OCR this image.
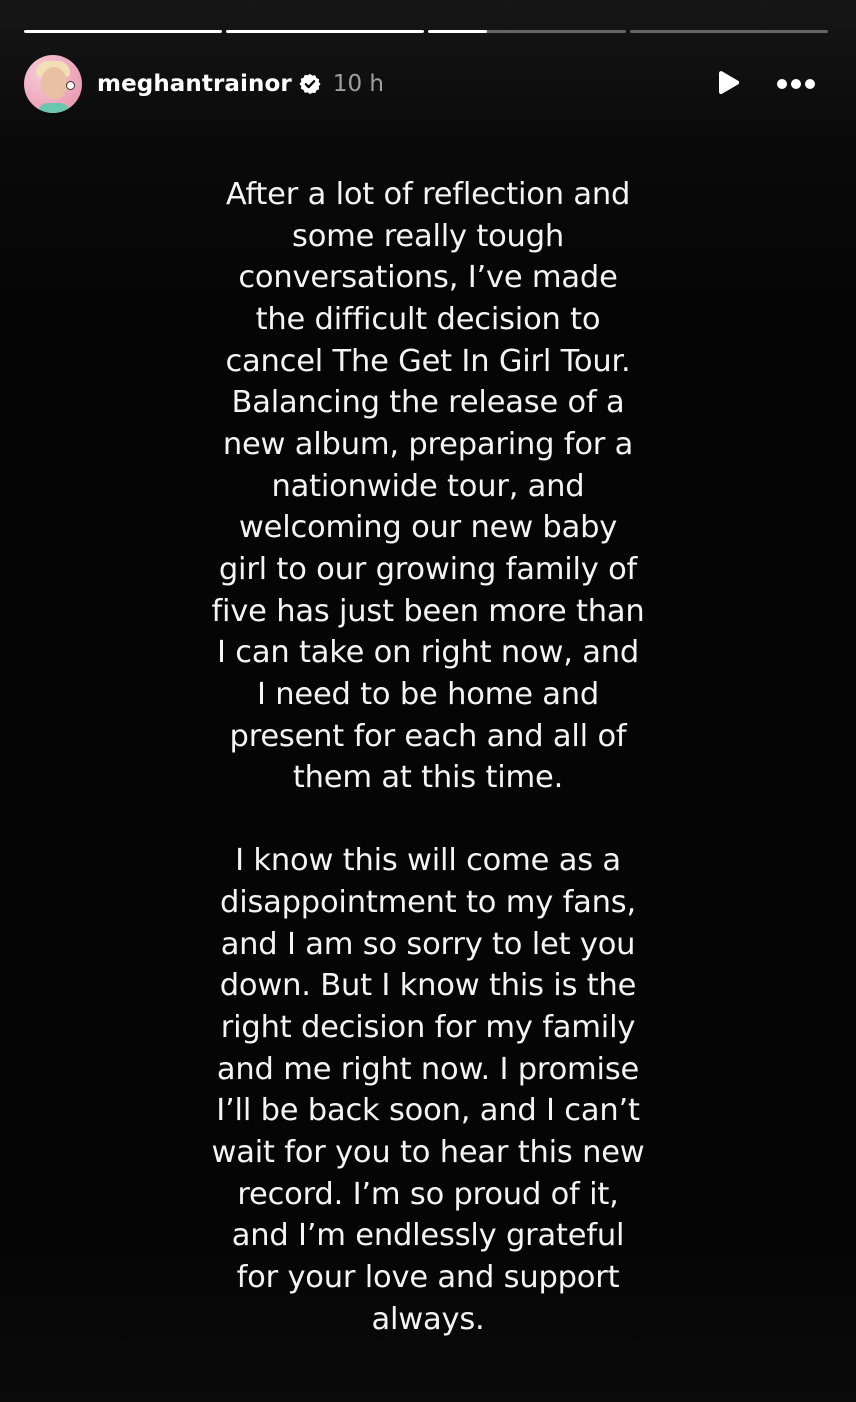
meghantrainor 10 h
After a lot of reflection and
some really tough
conversations, I’ve made
the difficult decision to
cancel The Get In Girl Tour.
Balancing the release of a
new album, preparing for a
nationwide tour, and
welcoming our new baby
girl to our growing family of
five has just been more than
I can take on right now, and
I need to be home and
present for each and all of
them at this time.
I know this will come as a
disappointment to my fans,
and I am so sorry to let you
down. But I know this is the
right decision for my family
and me right now. I promise
I’ll be back soon, and I can’t
wait for you to hear this new
record. I’m so proud of it,
and I’m endlessly grateful
for your love and support
always.
